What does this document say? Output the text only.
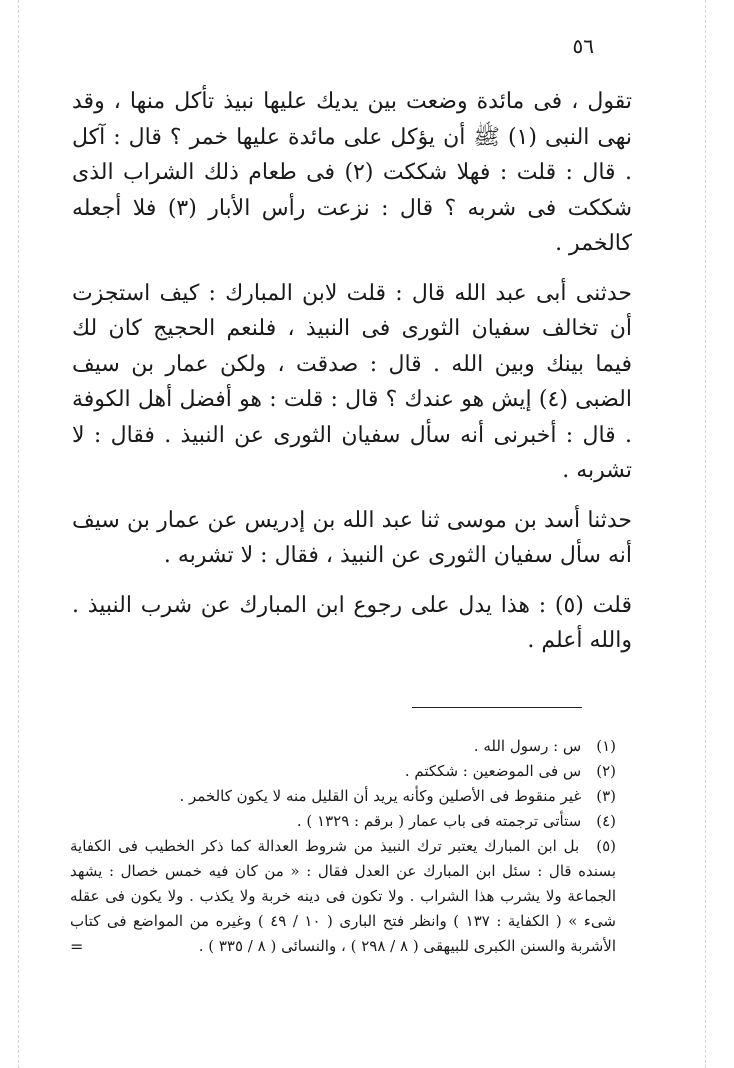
٥٦

تقول ، فى مائدة وضعت بين يديك عليها نبيذ تأكل منها ، وقد نهى النبى (١) ﷺ أن يؤكل على مائدة عليها خمر ؟ قال : آكل . قال : قلت : فهلا شككت (٢) فى طعام ذلك الشراب الذى شككت فى شربه ؟ قال : نزعت رأس الأبار (٣) فلا أجعله كالخمر .

حدثنى أبى عبد الله قال : قلت لابن المبارك : كيف استجزت أن تخالف سفيان الثورى فى النبيذ ، فلنعم الحجيج كان لك فيما بينك وبين الله . قال : صدقت ، ولكن عمار بن سيف الضبى (٤) إيش هو عندك ؟ قال : قلت : هو أفضل أهل الكوفة . قال : أخبرنى أنه سأل سفيان الثورى عن النبيذ . فقال : لا تشربه .

حدثنا أسد بن موسى ثنا عبد الله بن إدريس عن عمار بن سيف أنه سأل سفيان الثورى عن النبيذ ، فقال : لا تشربه .

قلت (٥) : هذا يدل على رجوع ابن المبارك عن شرب النبيذ . والله أعلم .

(١) س : رسول الله .

(٢) س فى الموضعين : شككتم .

(٣) غير منقوط فى الأصلين وكأنه يريد أن القليل منه لا يكون كالخمر .

(٤) ستأتى ترجمته فى باب عمار ( برقم : ١٣٢٩ ) .

(٥) بل ابن المبارك يعتبر ترك النبيذ من شروط العدالة كما ذكر الخطيب فى الكفاية بسنده قال : سئل ابن المبارك عن العدل فقال : « من كان فيه خمس خصال : يشهد الجماعة ولا يشرب هذا الشراب . ولا تكون فى دينه خربة ولا يكذب . ولا يكون فى عقله شىء » ( الكفاية : ١٣٧ ) وانظر فتح البارى ( ١٠ / ٤٩ ) وغيره من المواضع فى كتاب الأشربة والسنن الكبرى للبيهقى ( ٨ / ٢٩٨ ) ، والنسائى ( ٨ / ٣٣٥ ) .

=
